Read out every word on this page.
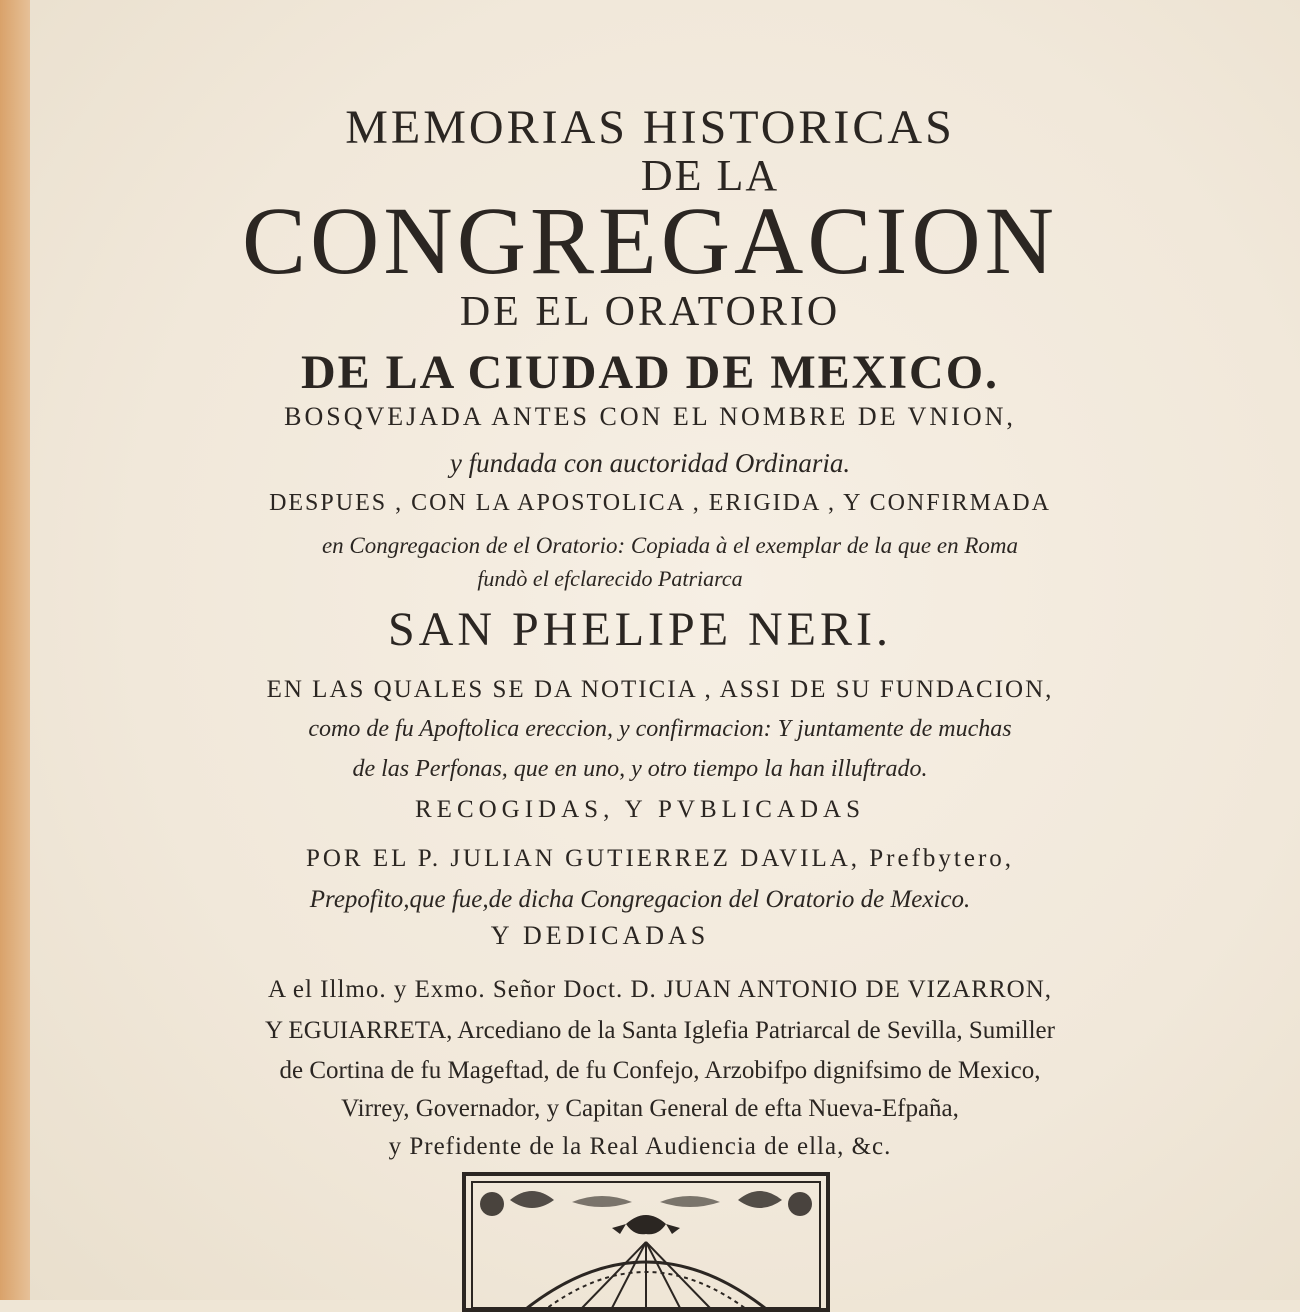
MEMORIAS HISTORICAS

DE LA

CONGREGACION

DE EL ORATORIO

DE LA CIUDAD DE MEXICO.

BOSQVEJADA ANTES CON EL NOMBRE DE VNION,

y fundada con auctoridad Ordinaria.

DESPUES , CON LA APOSTOLICA , ERIGIDA , Y CONFIRMADA

en Congregacion de el Oratorio: Copiada à el exemplar de la que en Roma

fundò el efclarecido Patriarca

SAN PHELIPE NERI.

EN LAS QUALES SE DA NOTICIA , ASSI DE SU FUNDACION,

como de fu Apoftolica ereccion, y confirmacion: Y juntamente de muchas

de las Perfonas, que en uno, y otro tiempo la han illuftrado.

RECOGIDAS, Y PVBLICADAS

POR EL P. JULIAN GUTIERREZ DAVILA, Prefbytero,

Prepofito,que fue,de dicha Congregacion del Oratorio de Mexico.

Y DEDICADAS

A el Illmo. y Exmo. Señor Doct. D. JUAN ANTONIO DE VIZARRON,

Y EGUIARRETA, Arcediano de la Santa Iglefia Patriarcal de Sevilla, Sumiller

de Cortina de fu Mageftad, de fu Confejo, Arzobifpo dignifsimo de Mexico,

Virrey, Governador, y Capitan General de efta Nueva-Efpaña,

y Prefidente de la Real Audiencia de ella, &c.
